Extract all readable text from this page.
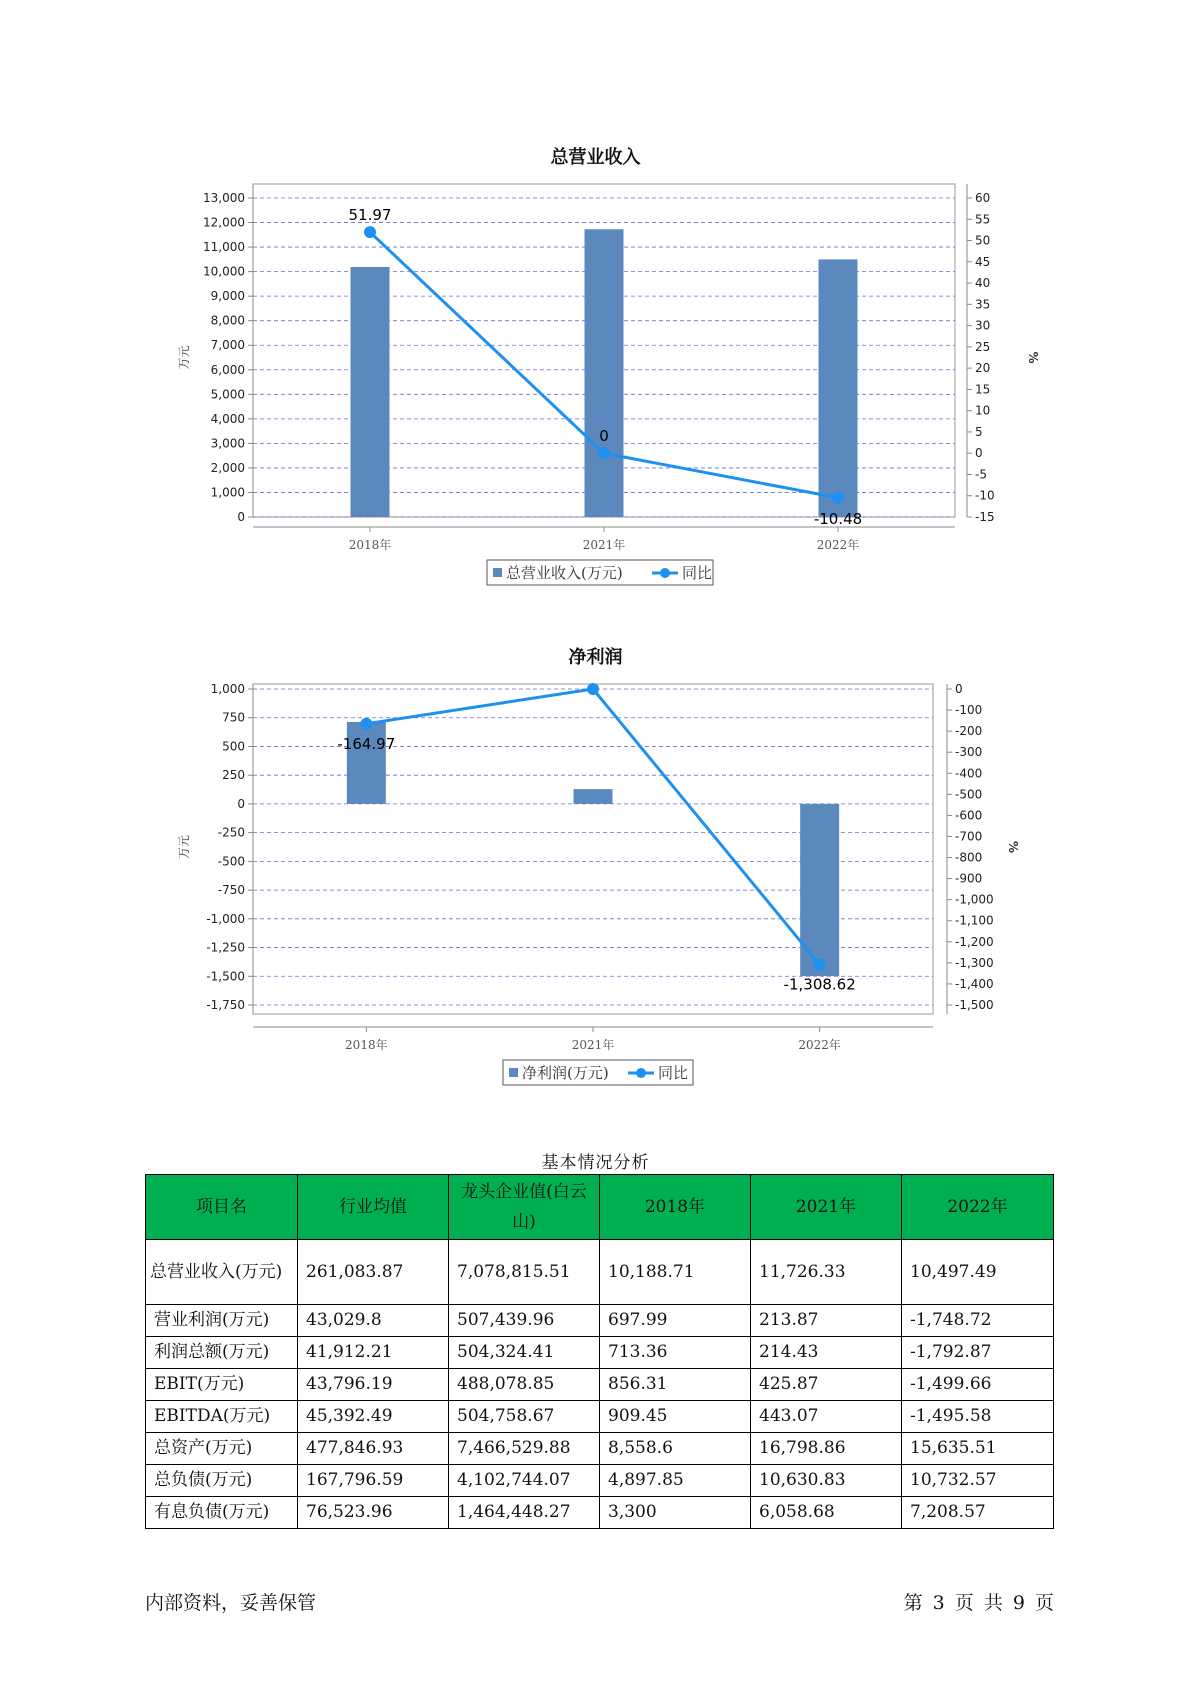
总营业收入
0
1,000
2,000
3,000
4,000
5,000
6,000
7,000
8,000
9,000
10,000
11,000
12,000
13,000
-15
-10
-5
0
5
10
15
20
25
30
35
40
45
50
55
60
万元	%
2018年	2021年	2022年
51.97
0
-10.48
总营业收入(万元)	同比
净利润
-1,750
-1,500
-1,250
-1,000
-750
-500
-250
0
250
500
750
1,000
-1,500
-1,400
-1,300
-1,200
-1,100
-1,000
-900
-800
-700
-600
-500
-400
-300
-200
-100
0
万元	%
2018年	2021年	2022年
-164.97
-1,308.62
净利润(万元)	同比
基本情况分析
项目名	行业均值	龙头企业值(白云山)	2018年	2021年	2022年
总营业收入(万元)	261,083.87	7,078,815.51	10,188.71	11,726.33	10,497.49
营业利润(万元)	43,029.8	507,439.96	697.99	213.87	-1,748.72
利润总额(万元)	41,912.21	504,324.41	713.36	214.43	-1,792.87
EBIT(万元)	43,796.19	488,078.85	856.31	425.87	-1,499.66
EBITDA(万元)	45,392.49	504,758.67	909.45	443.07	-1,495.58
总资产(万元)	477,846.93	7,466,529.88	8,558.6	16,798.86	15,635.51
总负债(万元)	167,796.59	4,102,744.07	4,897.85	10,630.83	10,732.57
有息负债(万元)	76,523.96	1,464,448.27	3,300	6,058.68	7,208.57
内部资料，妥善保管	第 3 页 共 9 页
